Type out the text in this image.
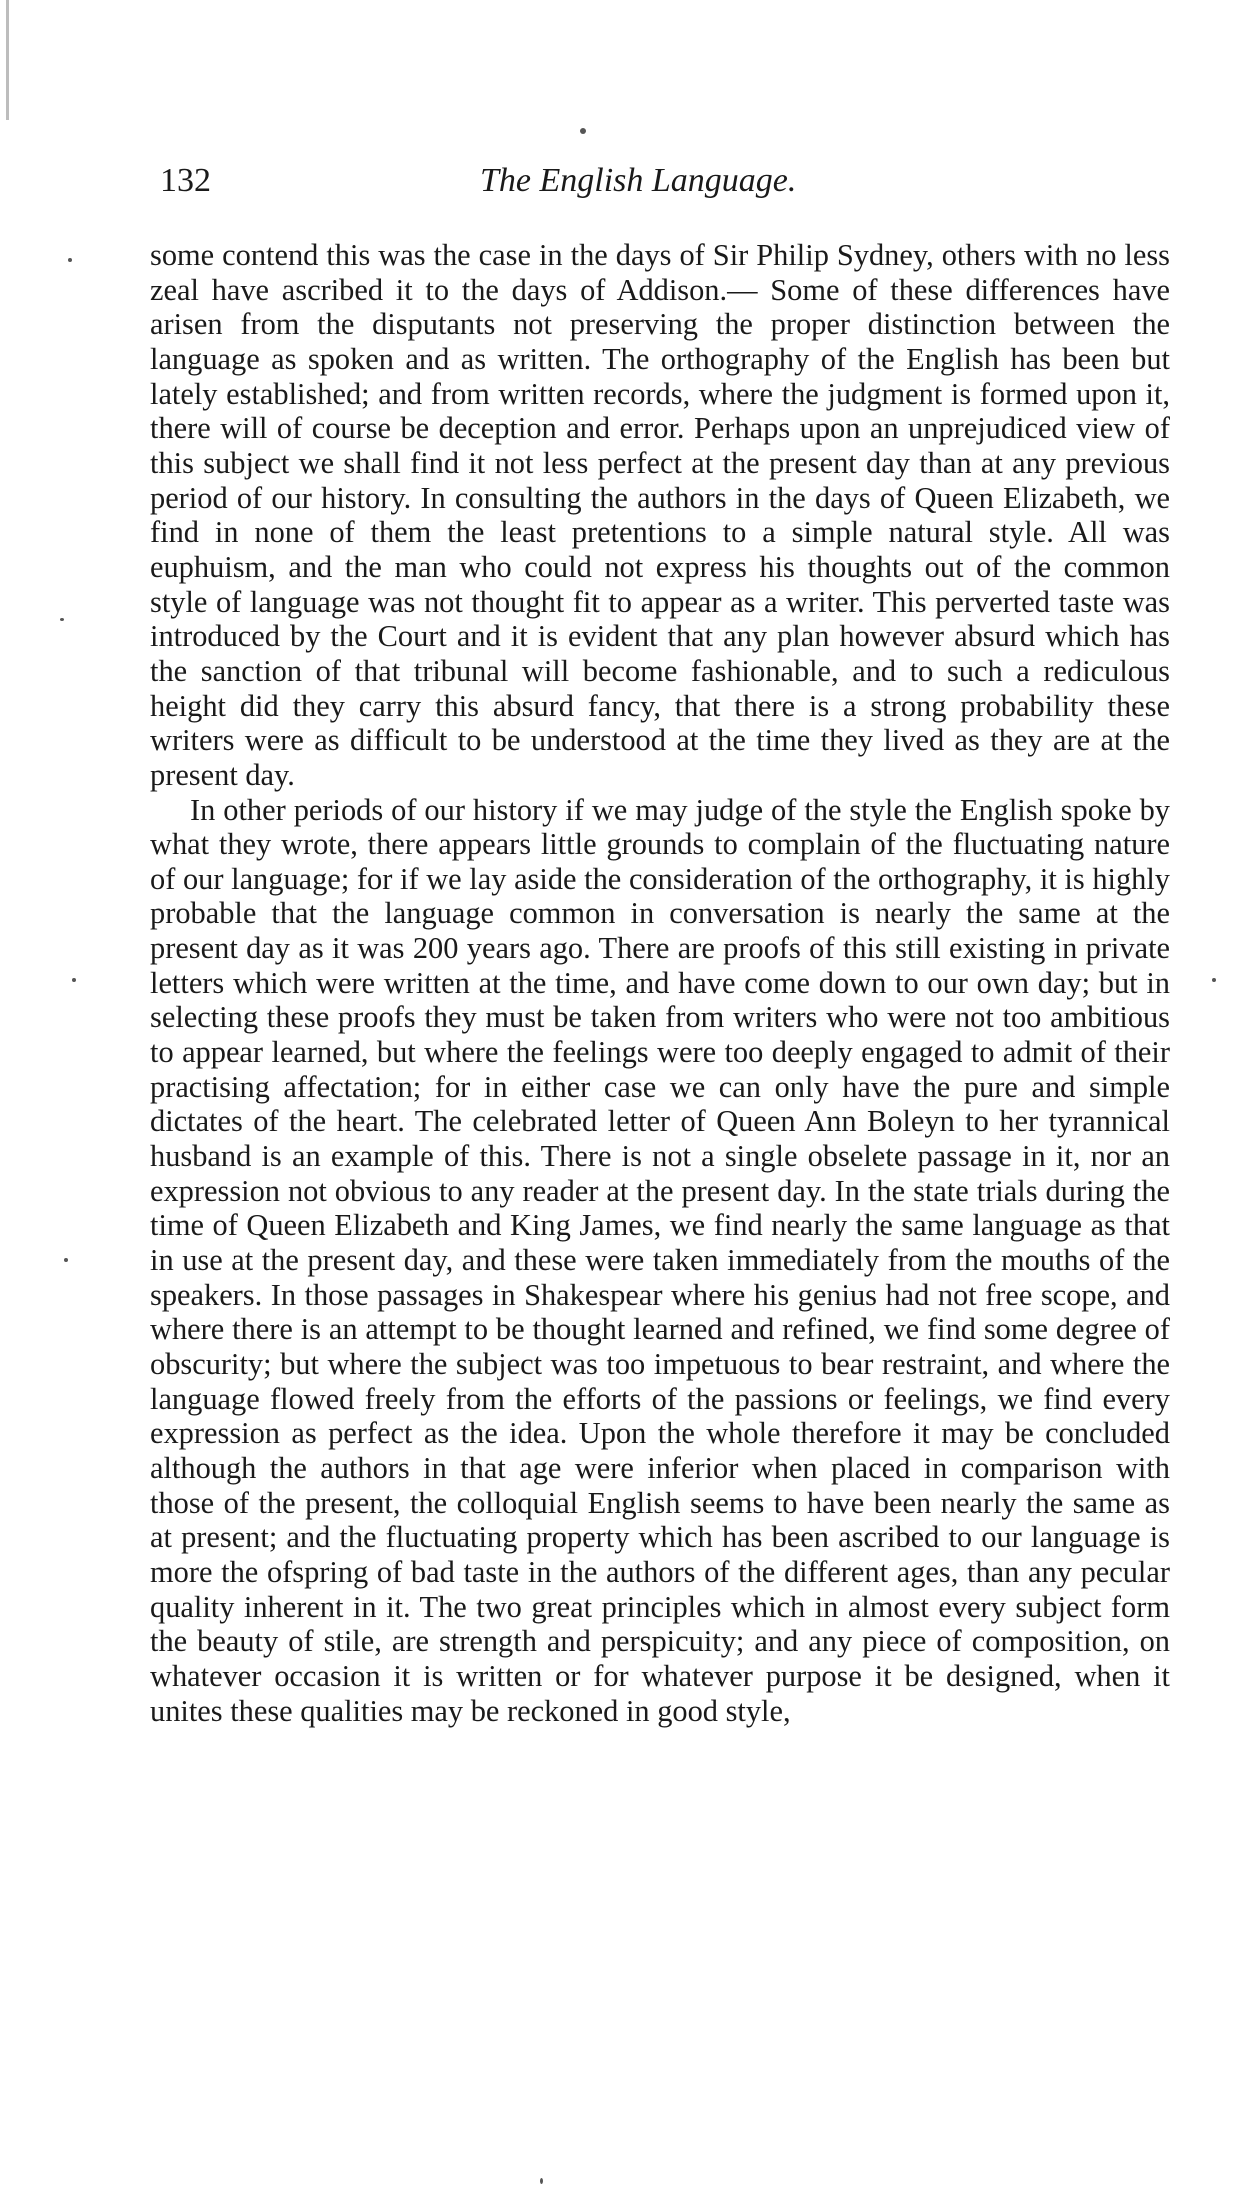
132	The English Language.

some contend this was the case in the days of Sir Philip Sydney, others with no less zeal have ascribed it to the days of Addison.— Some of these differences have arisen from the disputants not preserving the proper distinction between the language as spoken and as written. The orthography of the English has been but lately established; and from written records, where the judgment is formed upon it, there will of course be deception and error. Perhaps upon an unprejudiced view of this subject we shall find it not less perfect at the present day than at any previous period of our history. In consulting the authors in the days of Queen Elizabeth, we find in none of them the least pretentions to a simple natural style. All was euphuism, and the man who could not express his thoughts out of the common style of language was not thought fit to appear as a writer. This perverted taste was introduced by the Court and it is evident that any plan however absurd which has the sanction of that tribunal will become fashionable, and to such a rediculous height did they carry this absurd fancy, that there is a strong probability these writers were as difficult to be understood at the time they lived as they are at the present day.

In other periods of our history if we may judge of the style the English spoke by what they wrote, there appears little grounds to complain of the fluctuating nature of our language; for if we lay aside the consideration of the orthography, it is highly probable that the language common in conversation is nearly the same at the present day as it was 200 years ago. There are proofs of this still existing in private letters which were written at the time, and have come down to our own day; but in selecting these proofs they must be taken from writers who were not too ambitious to appear learned, but where the feelings were too deeply engaged to admit of their practising affectation; for in either case we can only have the pure and simple dictates of the heart. The celebrated letter of Queen Ann Boleyn to her tyrannical husband is an example of this. There is not a single obselete passage in it, nor an expression not obvious to any reader at the present day. In the state trials during the time of Queen Elizabeth and King James, we find nearly the same language as that in use at the present day, and these were taken immediately from the mouths of the speakers. In those passages in Shakespear where his genius had not free scope, and where there is an attempt to be thought learned and refined, we find some degree of obscurity; but where the subject was too impetuous to bear restraint, and where the language flowed freely from the efforts of the passions or feelings, we find every expression as perfect as the idea. Upon the whole therefore it may be concluded although the authors in that age were inferior when placed in comparison with those of the present, the colloquial English seems to have been nearly the same as at present; and the fluctuating property which has been ascribed to our language is more the ofspring of bad taste in the authors of the different ages, than any pecular quality inherent in it. The two great principles which in almost every subject form the beauty of stile, are strength and perspicuity; and any piece of composition, on whatever occasion it is written or for whatever purpose it be designed, when it unites these qualities may be reckoned in good style,
